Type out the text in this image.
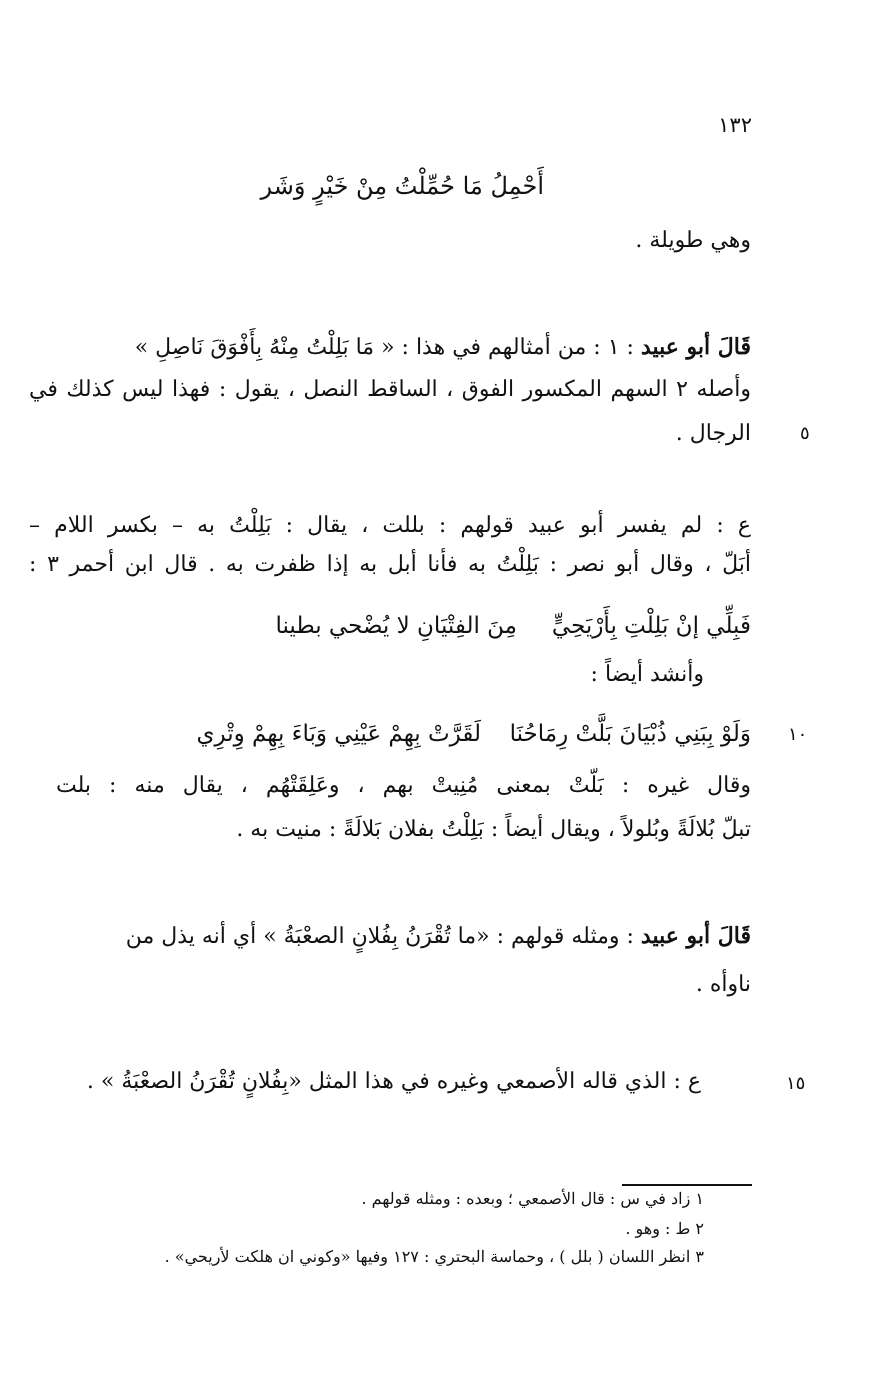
١٣٢
أَحْمِلُ مَا حُمِّلْتُ مِنْ خَيْرٍ وَشَر
وهي طويلة .
قَالَ أبو عبيد : ١ : من أمثالهم في هذا : « مَا بَلِلْتُ مِنْهُ بِأَفْوَقَ نَاصِلِ »
وأصله ٢ السهم المكسور الفوق ، الساقط النصل ، يقول : فهذا ليس كذلك في
الرجال .	٥
ع : لم يفسر أبو عبيد قولهم : بللت ، يقال : بَلِلْتُ به – بكسر اللام –
أبَلّ ، وقال أبو نصر : بَلِلْتُ به فأنا أبل به إذا ظفرت به . قال ابن أحمر ٣ :
فَبِلِّي إنْ بَلِلْتِ بِأَرْيَحِيٍّ
مِنَ الفِتْيَانِ لا يُضْحي بطينا
وأنشد أيضاً :
وَلَوْ بِبَنِي ذُبْيَانَ بَلَّتْ رِمَاحُنَا
لَقَرَّتْ بِهِمْ عَيْنِي وَبَاءَ بِهِمْ وِتْرِي	١٠
وقال غيره : بَلّتْ بمعنى مُنِيتْ بهم ، وعَلِقَتْهُم ، يقال منه : بلت
تبلّ بُلالَةً وبُلولاً ، ويقال أيضاً : بَلِلْتُ بفلان بَلالَةً : منيت به .
قَالَ أبو عبيد : ومثله قولهم : «ما تُقْرَنُ بِفُلانٍ الصعْبَةُ » أي أنه يذل من
ناوأه .
ع : الذي قاله الأصمعي وغيره في هذا المثل «بِفُلانٍ تُقْرَنُ الصعْبَةُ » .	١٥
١ زاد في س : قال الأصمعي ؛ وبعده : ومثله قولهم .
٢ ط : وهو .
٣ انظر اللسان ( بلل ) ، وحماسة البحتري : ١٢٧ وفيها «وكوني ان هلكت لأريحي» .
